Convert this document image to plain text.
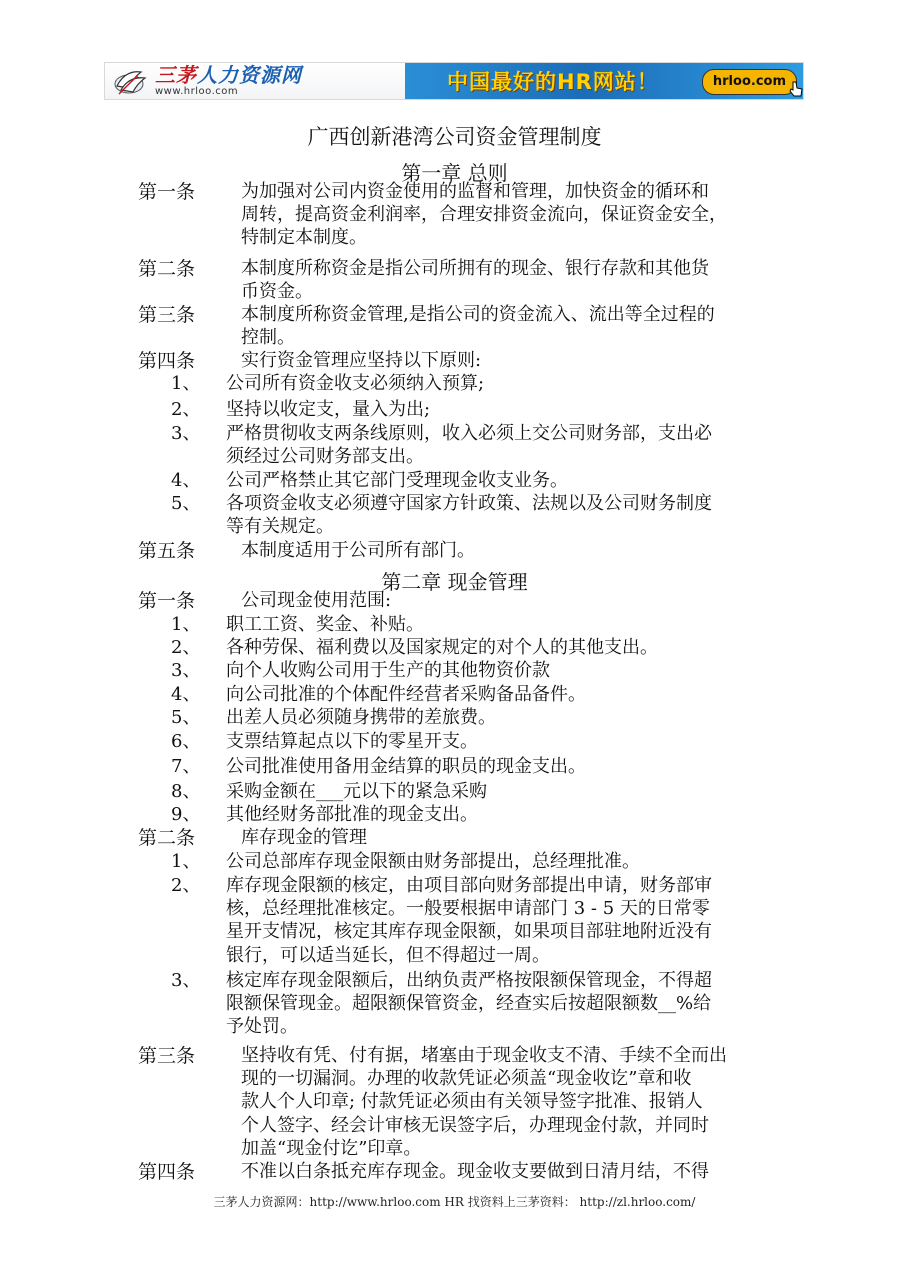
三茅人力资源网
www.hrloo.com	中国最好的HR网站！	hrloo.com
广西创新港湾公司资金管理制度
第一章 总则
第二章 现金管理
第一条	为加强对公司内资金使用的监督和管理，加快资金的循环和
周转，提高资金利润率，合理安排资金流向，保证资金安全，
特制定本制度。
第二条	本制度所称资金是指公司所拥有的现金、银行存款和其他货
币资金。
第三条	本制度所称资金管理,是指公司的资金流入、流出等全过程的
控制。
第四条	实行资金管理应坚持以下原则:
1、 公司所有资金收支必须纳入预算;
2、 坚持以收定支，量入为出;
3、 严格贯彻收支两条线原则，收入必须上交公司财务部，支出必
须经过公司财务部支出。
4、 公司严格禁止其它部门受理现金收支业务。
5、 各项资金收支必须遵守国家方针政策、法规以及公司财务制度
等有关规定。
第五条	本制度适用于公司所有部门。
第一条	公司现金使用范围:
1、 职工工资、奖金、补贴。
2、 各种劳保、福利费以及国家规定的对个人的其他支出。
3、 向个人收购公司用于生产的其他物资价款
4、 向公司批准的个体配件经营者采购备品备件。
5、 出差人员必须随身携带的差旅费。
6、 支票结算起点以下的零星开支。
7、 公司批准使用备用金结算的职员的现金支出。
8、 采购金额在___元以下的紧急采购
9、 其他经财务部批准的现金支出。
第二条	库存现金的管理
1、 公司总部库存现金限额由财务部提出，总经理批准。
2、 库存现金限额的核定，由项目部向财务部提出申请，财务部审
核，总经理批准核定。一般要根据申请部门 3 - 5 天的日常零
星开支情况，核定其库存现金限额，如果项目部驻地附近没有
银行，可以适当延长，但不得超过一周。
3、 核定库存现金限额后，出纳负责严格按限额保管现金，不得超
限额保管现金。超限额保管资金，经查实后按超限额数__%给
予处罚。
第三条	坚持收有凭、付有据，堵塞由于现金收支不清、手续不全而出
现的一切漏洞。办理的收款凭证必须盖“现金收讫”章和收
款人个人印章; 付款凭证必须由有关领导签字批准、报销人
个人签字、经会计审核无误签字后，办理现金付款，并同时
加盖“现金付讫”印章。
第四条	不准以白条抵充库存现金。现金收支要做到日清月结，不得
三茅人力资源网：http://www.hrloo.com HR 找资料上三茅资料： http://zl.hrloo.com/
